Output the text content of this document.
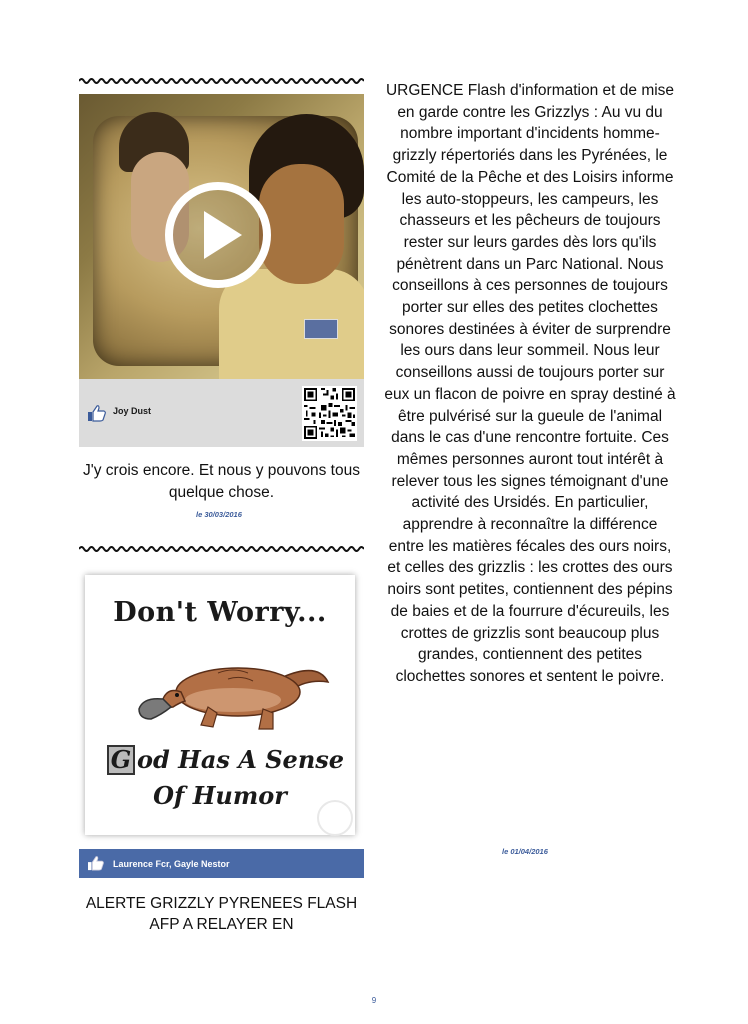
Joy Dust
J'y crois encore. Et nous y pouvons tous quelque chose.
le 30/03/2016
Don't Worry...
G od Has A Sense
Of Humor
Laurence Fcr, Gayle Nestor
ALERTE GRIZZLY PYRENEES FLASH AFP A RELAYER EN
URGENCE Flash d'information et de mise en garde contre les Grizzlys : Au vu du nombre important d'incidents homme-grizzly répertoriés dans les Pyrénées, le Comité de la Pêche et des Loisirs informe les auto-stoppeurs, les campeurs, les chasseurs et les pêcheurs de toujours rester sur leurs gardes dès lors qu'ils pénètrent dans un Parc National. Nous conseillons à ces personnes de toujours porter sur elles des petites clochettes sonores destinées à éviter de surprendre les ours dans leur sommeil. Nous leur conseillons aussi de toujours porter sur eux un flacon de poivre en spray destiné à être pulvérisé sur la gueule de l'animal dans le cas d'une rencontre fortuite. Ces mêmes personnes auront tout intérêt à relever tous les signes témoignant d'une activité des Ursidés. En particulier, apprendre à reconnaître la différence entre les matières fécales des ours noirs, et celles des grizzlis : les crottes des ours noirs sont petites, contiennent des pépins de baies et de la fourrure d'écureuils, les crottes de grizzlis sont beaucoup plus grandes, contiennent des petites clochettes sonores et sentent le poivre.
le 01/04/2016
9
